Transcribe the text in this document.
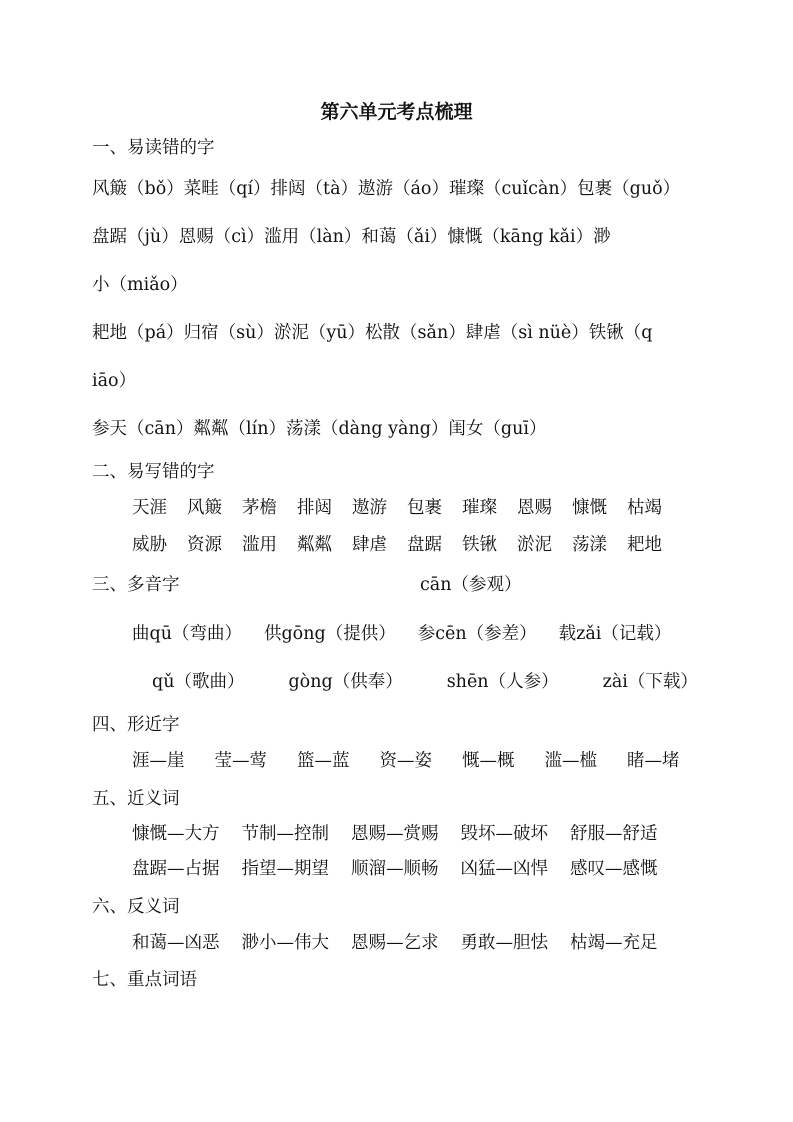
第六单元考点梳理
一、易读错的字
风簸（bǒ）菜畦（qí）排闼（tà）遨游（áo）璀璨（cuǐcàn）包裹（guǒ）
盘踞（jù）恩赐（cì）滥用（làn）和蔼（ǎi）慷慨（kāng kǎi）渺
小（miǎo）
耙地（pá）归宿（sù）淤泥（yū）松散（sǎn）肆虐（sì nüè）铁锹（q
iāo）
参天（cān）粼粼（lín）荡漾（dàng yàng）闺女（guī）
二、易写错的字
天涯 风簸 茅檐 排闼 遨游 包裹 璀璨 恩赐 慷慨 枯竭
威胁 资源 滥用 粼粼 肆虐 盘踞 铁锹 淤泥 荡漾 耙地
三、多音字	cān（参观）
曲qū（弯曲） 供gōng（提供） 参cēn（参差） 载zǎi（记载）
qǔ（歌曲）	gòng（供奉）	shēn（人参）	zài（下载）
四、形近字
涯—崖 莹—莺 篮—蓝 资—姿 慨—概 滥—槛 睹—堵
五、近义词
慷慨—大方 节制—控制 恩赐—赏赐 毁坏—破坏 舒服—舒适
盘踞—占据 指望—期望 顺溜—顺畅 凶猛—凶悍 感叹—感慨
六、反义词
和蔼—凶恶 渺小—伟大 恩赐—乞求 勇敢—胆怯 枯竭—充足
七、重点词语
